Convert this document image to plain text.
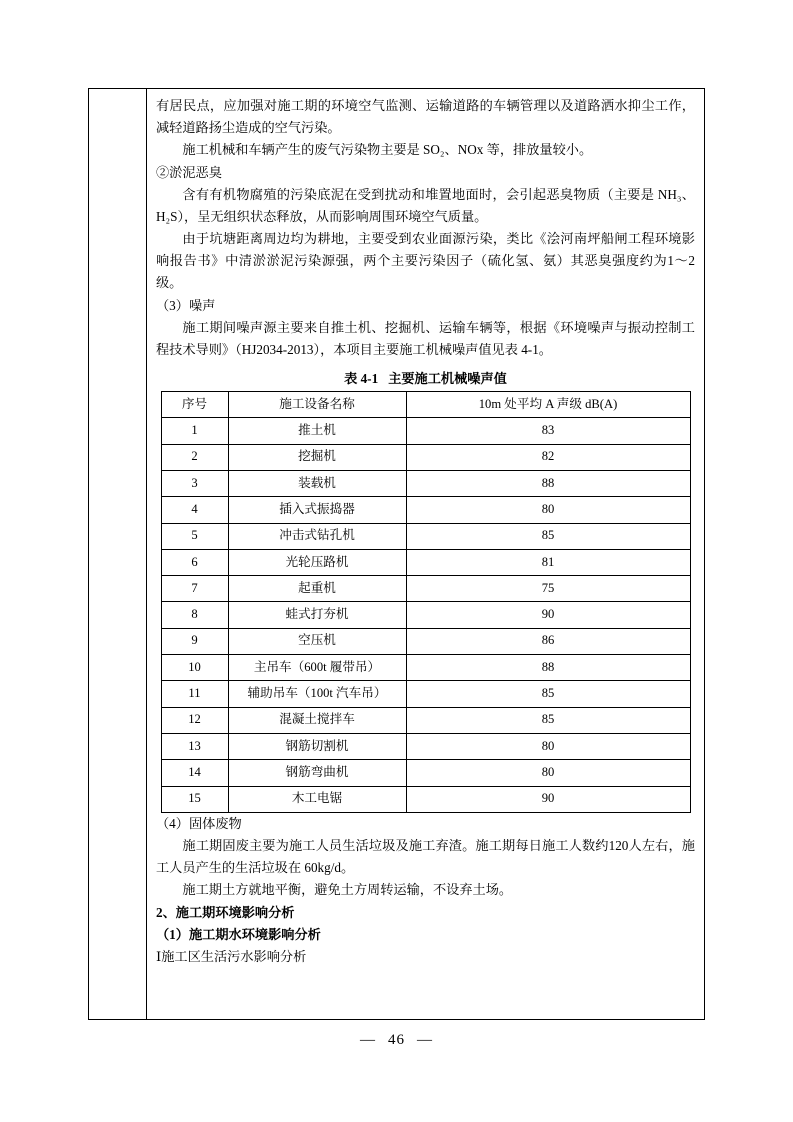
有居民点，应加强对施工期的环境空气监测、运输道路的车辆管理以及道路洒水抑尘工作，减轻道路扬尘造成的空气污染。

施工机械和车辆产生的废气污染物主要是 SO₂、NOx 等，排放量较小。

②淤泥恶臭

含有有机物腐殖的污染底泥在受到扰动和堆置地面时，会引起恶臭物质（主要是 NH₃、H₂S），呈无组织状态释放，从而影响周围环境空气质量。

由于坑塘距离周边均为耕地，主要受到农业面源污染，类比《浍河南坪船闸工程环境影响报告书》中清淤淤泥污染源强，两个主要污染因子（硫化氢、氨）其恶臭强度约为1～2级。

（3）噪声

施工期间噪声源主要来自推土机、挖掘机、运输车辆等，根据《环境噪声与振动控制工程技术导则》（HJ2034-2013），本项目主要施工机械噪声值见表 4-1。

表 4-1 主要施工机械噪声值
序号	施工设备名称	10m 处平均 A 声级 dB(A)
1	推土机	83
2	挖掘机	82
3	装载机	88
4	插入式振捣器	80
5	冲击式钻孔机	85
6	光轮压路机	81
7	起重机	75
8	蛙式打夯机	90
9	空压机	86
10	主吊车（600t 履带吊）	88
11	辅助吊车（100t 汽车吊）	85
12	混凝土搅拌车	85
13	钢筋切割机	80
14	钢筋弯曲机	80
15	木工电锯	90

（4）固体废物

施工期固废主要为施工人员生活垃圾及施工弃渣。施工期每日施工人数约120人左右，施工人员产生的生活垃圾在 60kg/d。

施工期土方就地平衡，避免土方周转运输，不设弃土场。

2、施工期环境影响分析

（1）施工期水环境影响分析

Ⅰ施工区生活污水影响分析

— 46 —
